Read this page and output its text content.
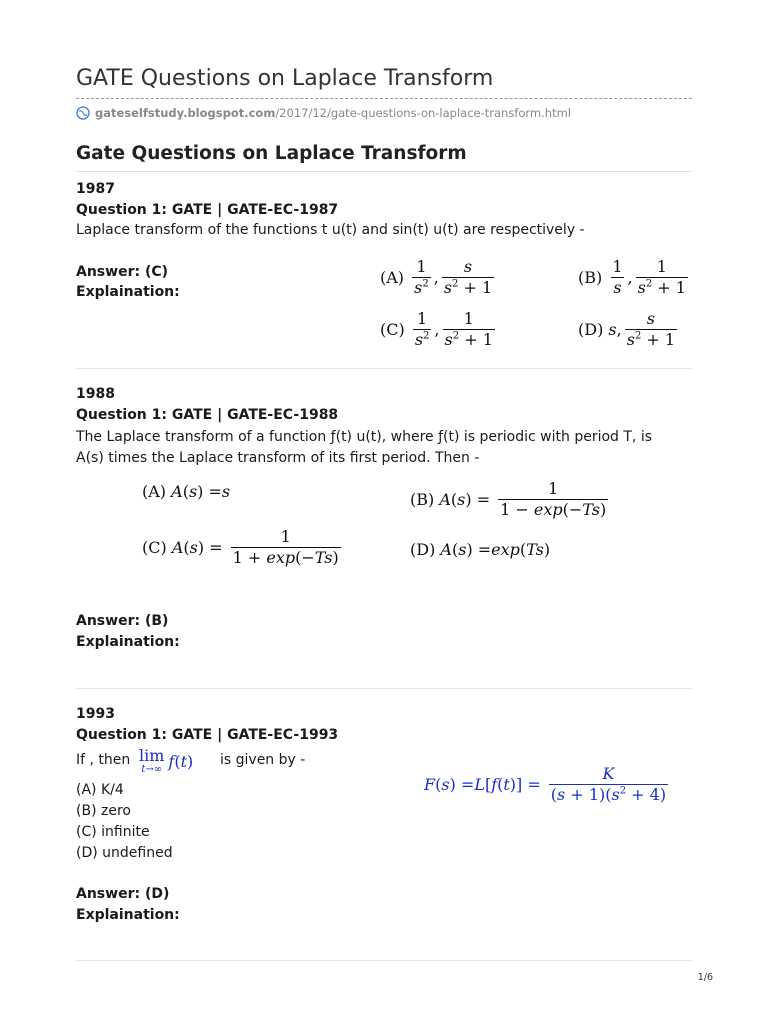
GATE Questions on Laplace Transform
gateselfstudy.blogspot.com/2017/12/gate-questions-on-laplace-transform.html
Gate Questions on Laplace Transform
1987
Question 1: GATE | GATE-EC-1987
Laplace transform of the functions t u(t) and sin(t) u(t) are respectively -
Answer: (C)
Explaination:
(A)
$\frac{1}{s^2}$ , $\frac{s}{s^2 + 1}$	(B)
$\frac{1}{s}$ , $\frac{1}{s^2 + 1}$
(C)
$\frac{1}{s^2}$ , $\frac{1}{s^2 + 1}$	(D)
s , $\frac{s}{s^2 + 1}$
1988
Question 1: GATE | GATE-EC-1988
The Laplace transform of a function ƒ(t) u(t), where ƒ(t) is periodic with period T, is A(s) times the Laplace transform of its first period. Then -
(A)
A ( s ) = s	(B)
A ( s ) = $\frac{1}{1 - \exp(-Ts)}$
(C)
A ( s ) = $\frac{1}{1 + \exp(-Ts)}$	(D)
A ( s ) = exp ( Ts )
Answer: (B)
Explaination:
1993
Question 1: GATE | GATE-EC-1993
If , then lim
t→∞ f ( t ) is given by -
F ( s ) = L [ f ( t )] = $\frac{K}{(s + 1)(s^2 + 4)}$
(A) K/4
(B) zero
(C) infinite
(D) undefined
Answer: (D)
Explaination:
1/6
